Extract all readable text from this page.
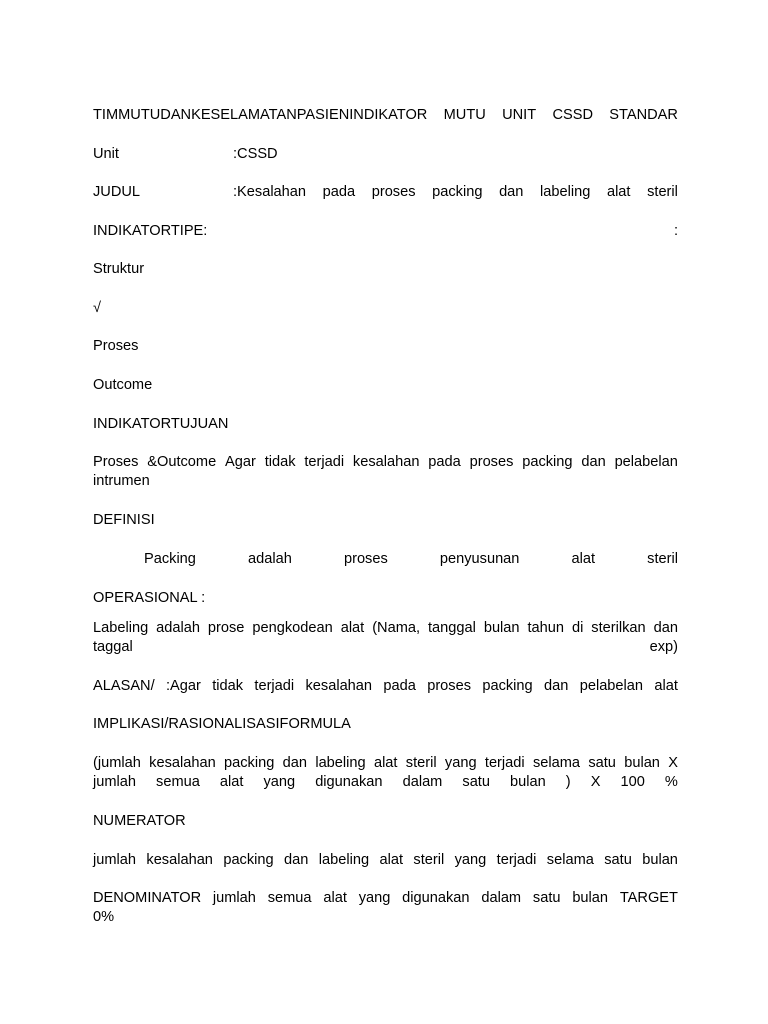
TIMMUTUDANKESELAMATANPASIENINDIKATOR MUTU UNIT CSSD STANDAR
Unit	:CSSD
JUDUL	:Kesalahan pada proses packing dan labeling alat steril
INDIKATORTIPE:	:
Struktur
√
Proses
Outcome
INDIKATORTUJUAN
Proses &Outcome Agar tidak terjadi kesalahan pada proses packing dan pelabelan
intrumen
DEFINISI
Packing	adalah	proses	penyusunan	alat	steril
OPERASIONAL :
Labeling adalah prose pengkodean alat (Nama, tanggal bulan tahun di sterilkan dan
taggal	exp)
ALASAN/ :Agar tidak terjadi kesalahan pada proses packing dan pelabelan alat
IMPLIKASI/RASIONALISASIFORMULA
(jumlah kesalahan packing dan labeling alat steril yang terjadi selama satu bulan X
jumlah semua alat yang digunakan dalam satu bulan ) X 100 %
NUMERATOR
jumlah kesalahan packing dan labeling alat steril yang terjadi selama satu bulan
DENOMINATOR jumlah semua alat yang digunakan dalam satu bulan TARGET
0%
